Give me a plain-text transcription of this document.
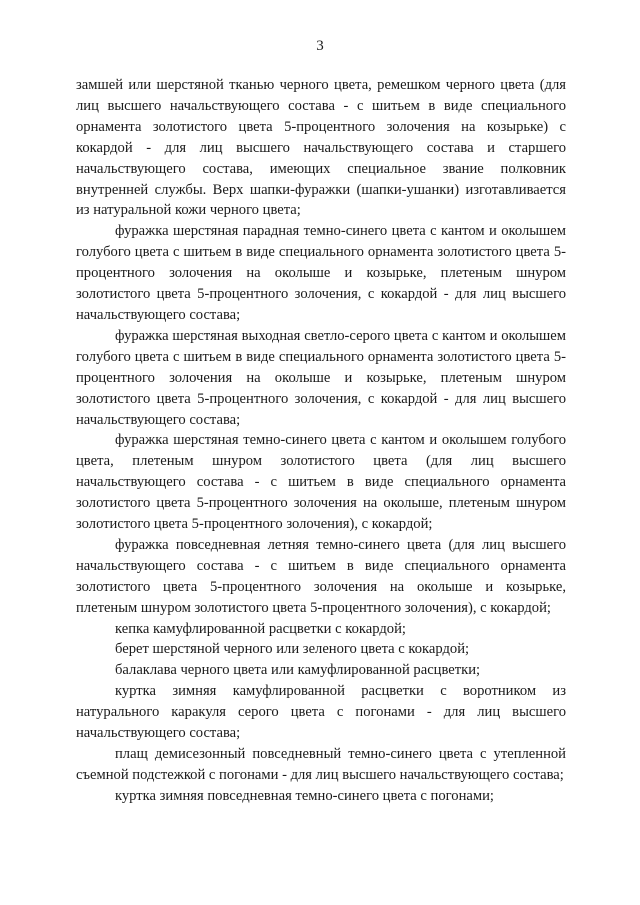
3

замшей или шерстяной тканью черного цвета, ремешком черного цвета (для лиц высшего начальствующего состава - с шитьем в виде специального орнамента золотистого цвета 5-процентного золочения на козырьке) с кокардой - для лиц высшего начальствующего состава и старшего начальствующего состава, имеющих специальное звание полковник внутренней службы. Верх шапки-фуражки (шапки-ушанки) изготавливается из натуральной кожи черного цвета;

фуражка шерстяная парадная темно-синего цвета с кантом и околышем голубого цвета с шитьем в виде специального орнамента золотистого цвета 5-процентного золочения на околыше и козырьке, плетеным шнуром золотистого цвета 5-процентного золочения, с кокардой - для лиц высшего начальствующего состава;

фуражка шерстяная выходная светло-серого цвета с кантом и околышем голубого цвета с шитьем в виде специального орнамента золотистого цвета 5-процентного золочения на околыше и козырьке, плетеным шнуром золотистого цвета 5-процентного золочения, с кокардой - для лиц высшего начальствующего состава;

фуражка шерстяная темно-синего цвета с кантом и околышем голубого цвета, плетеным шнуром золотистого цвета (для лиц высшего начальствующего состава - с шитьем в виде специального орнамента золотистого цвета 5-процентного золочения на околыше, плетеным шнуром золотистого цвета 5-процентного золочения), с кокардой;

фуражка повседневная летняя темно-синего цвета (для лиц высшего начальствующего состава - с шитьем в виде специального орнамента золотистого цвета 5-процентного золочения на околыше и козырьке, плетеным шнуром золотистого цвета 5-процентного золочения), с кокардой;

кепка камуфлированной расцветки с кокардой;

берет шерстяной черного или зеленого цвета с кокардой;

балаклава черного цвета или камуфлированной расцветки;

куртка зимняя камуфлированной расцветки с воротником из натурального каракуля серого цвета с погонами - для лиц высшего начальствующего состава;

плащ демисезонный повседневный темно-синего цвета с утепленной съемной подстежкой с погонами - для лиц высшего начальствующего состава;

куртка зимняя повседневная темно-синего цвета с погонами;
